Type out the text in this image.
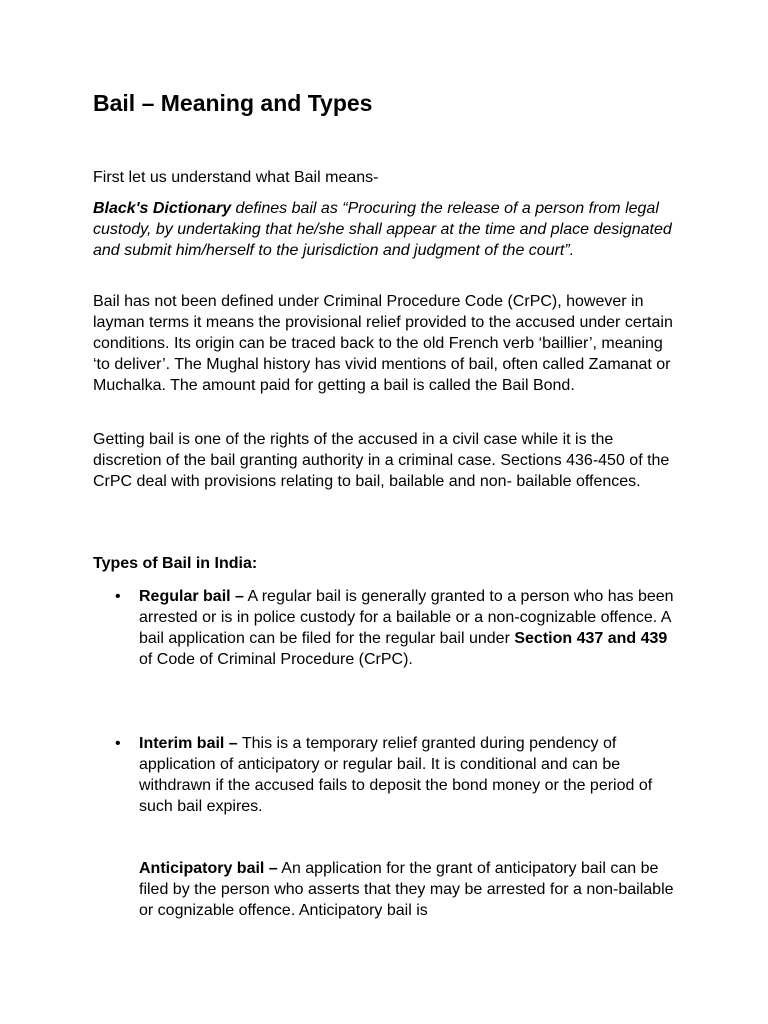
Bail – Meaning and Types

First let us understand what Bail means-

Black's Dictionary defines bail as “Procuring the release of a person from legal custody, by undertaking that he/she shall appear at the time and place designated and submit him/herself to the jurisdiction and judgment of the court”.

Bail has not been defined under Criminal Procedure Code (CrPC), however in layman terms it means the provisional relief provided to the accused under certain conditions. Its origin can be traced back to the old French verb ‘baillier’, meaning ‘to deliver’. The Mughal history has vivid mentions of bail, often called Zamanat or Muchalka. The amount paid for getting a bail is called the Bail Bond.

Getting bail is one of the rights of the accused in a civil case while it is the discretion of the bail granting authority in a criminal case. Sections 436-450 of the CrPC deal with provisions relating to bail, bailable and non- bailable offences.

Types of Bail in India:

• Regular bail – A regular bail is generally granted to a person who has been arrested or is in police custody for a bailable or a non-cognizable offence. A bail application can be filed for the regular bail under Section 437 and 439 of Code of Criminal Procedure (CrPC).
• Interim bail – This is a temporary relief granted during pendency of application of anticipatory or regular bail. It is conditional and can be withdrawn if the accused fails to deposit the bond money or the period of such bail expires.
Anticipatory bail – An application for the grant of anticipatory bail can be filed by the person who asserts that they may be arrested for a non-bailable or cognizable offence. Anticipatory bail is
